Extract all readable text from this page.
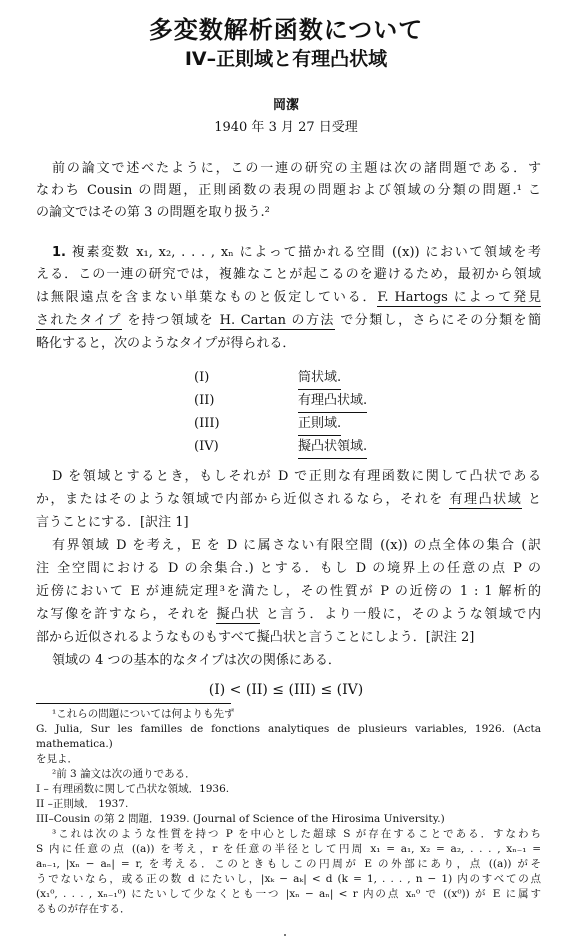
多変数解析函数について
IV–正則域と有理凸状域
岡潔
1940 年 3 月 27 日受理
前の論文で述べたように，この一連の研究の主題は次の諸問題である．す
なわち Cousin の問題，正則函数の表現の問題および領域の分類の問題.¹ こ
の論文ではその第 3 の問題を取り扱う.²
1. 複素変数 x₁, x₂, . . . , xₙ によって描かれる空間 ((x)) において領域を考
える．この一連の研究では，複雑なことが起こるのを避けるため，最初から領域
は無限遠点を含まない単葉なものと仮定している．F. Hartogs によって発見
されたタイプ を持つ領域を H. Cartan の方法 で分類し，さらにその分類を簡
略化すると，次のようなタイプが得られる．
(I)	筒状域.
(II)	有理凸状域.
(III)	正則域.
(IV)	擬凸状領域.
D を領域とするとき，もしそれが D で正則な有理函数に関して凸状である
か，またはそのような領域で内部から近似されるなら，それを 有理凸状域 と
言うことにする．[訳注 1]
有界領域 D を考え，E を D に属さない有限空間 ((x)) の点全体の集合 (訳
注 全空間における D の余集合.) とする．もし D の境界上の任意の点 P の
近傍において E が連続定理³を満たし，その性質が P の近傍の 1 : 1 解析的
な写像を許すなら，それを 擬凸状 と言う．より一般に，そのような領域で内
部から近似されるようなものもすべて擬凸状と言うことにしよう．[訳注 2]
領域の 4 つの基本的なタイプは次の関係にある．
(I) < (II) ≤ (III) ≤ (IV)
¹これらの問題については何よりも先ず
G. Julia, Sur les familles de fonctions analytiques de plusieurs variables, 1926. (Acta
mathematica.)
を見よ．
²前 3 論文は次の通りである．
I – 有理函数に関して凸状な領域．1936.
II –正則域． 1937.
III–Cousin の第 2 問題．1939. (Journal of Science of the Hirosima University.)
³これは次のような性質を持つ P を中心とした超球 S が存在することである．すなわち
S 内に任意の点 ((a)) を考え，r を任意の半径として円周 x₁ = a₁, x₂ = a₂, . . . , xₙ₋₁ =
aₙ₋₁, |xₙ − aₙ| = r, を考える．このときもしこの円周が E の外部にあり，点 ((a)) がそ
うでないなら，或る正の数 d にたいし，|xₖ − aₖ| < d (k = 1, . . . , n − 1) 内のすべての点
(x₁⁰, . . . , xₙ₋₁⁰) にたいして少なくとも一つ |xₙ − aₙ| < r 内の点 xₙ⁰ で ((x⁰)) が E に属す
るものが存在する．
